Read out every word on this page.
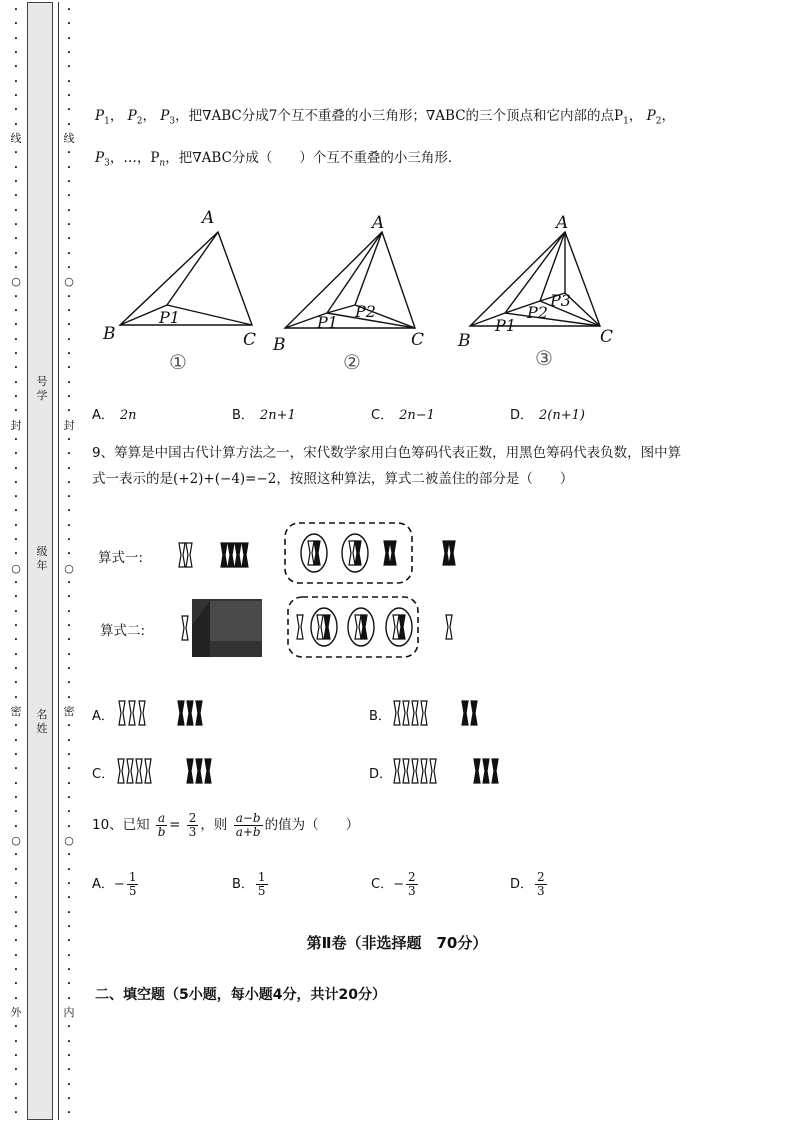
•
•
•
•
•
•
•
•
•
线
•
•
•
•
•
•
•
•
•
○
•
•
•
•
•
•
•
•
•
封
•
•
•
•
•
•
•
•
•
○
•
•
•
•
•
•
•
•
•
密
•
•
•
•
•
•
•
•
○
•
•
•
•
•
•
•
•
•
•
•
外
•
•
•
•
•
•
•
号学
级年
名姓
•
•
•
•
•
•
•
•
•
线
•
•
•
•
•
•
•
•
•
○
•
•
•
•
•
•
•
•
•
封
•
•
•
•
•
•
•
•
•
○
•
•
•
•
•
•
•
•
•
密
•
•
•
•
•
•
•
•
○
•
•
•
•
•
•
•
•
•
•
•
内
•
•
•
•
•
•
•
$P_1$， $P_2$， $P_3$，把∇ABC分成7个互不重叠的小三角形；∇ABC的三个顶点和它内部的点$P_1$， $P_2$，
$P_3$，…，$P_n$，把∇ABC分成（　　）个互不重叠的小三角形．
A
B	C
P1
A
B	C
P1
P2
A
B	C
P1
P2
P3
①	②	③
A． 2n	B． 2n+1	C． 2n−1	D． 2(n+1)
9、筹算是中国古代计算方法之一，宋代数学家用白色筹码代表正数，用黑色筹码代表负数，图中算
式一表示的是(+2)+(−4)=−2，按照这种算法，算式二被盖住的部分是（　　）
算式一:
算式二:
A．	B．
C．	D．
10、已知 $\frac{a}{b} = \frac{2}{3}$ ，则 $\frac{a-b}{a+b}$ 的值为（　　）
A．− $\frac{1}{5}$	B． $\frac{1}{5}$	C．− $\frac{2}{3}$	D． $\frac{2}{3}$
第Ⅱ卷（非选择题　70分）
二、填空题（5小题，每小题4分，共计20分）
